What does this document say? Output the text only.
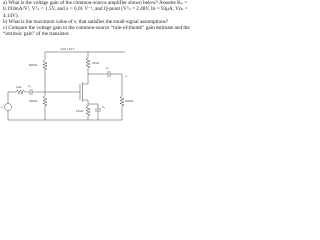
a) What is the voltage gain of the common-source amplifier shown below? Assume Kₙ = 0.193mA/V², Vᵀₙ = 1.5V, and λ = 0.01 V⁻¹, and Q-point (Vᴳₛ = 2.48V, Iᴅ = 93μA, Vᴅₛ = 4.14V).

b) What is the maximum value of vᵢ that satisfies the small-signal assumptions?

c) Compare the voltage gain to the common-source “rule-of-thumb” gain estimate and the “intrinsic gain” of the transistor.

+Vᴅᴅ = 10 V
820 kΩ
390 kΩ
43 kΩ
1 kΩ
13 kΩ
100 kΩ
C₁
C₂
C₃
vᵢ
vₒ
